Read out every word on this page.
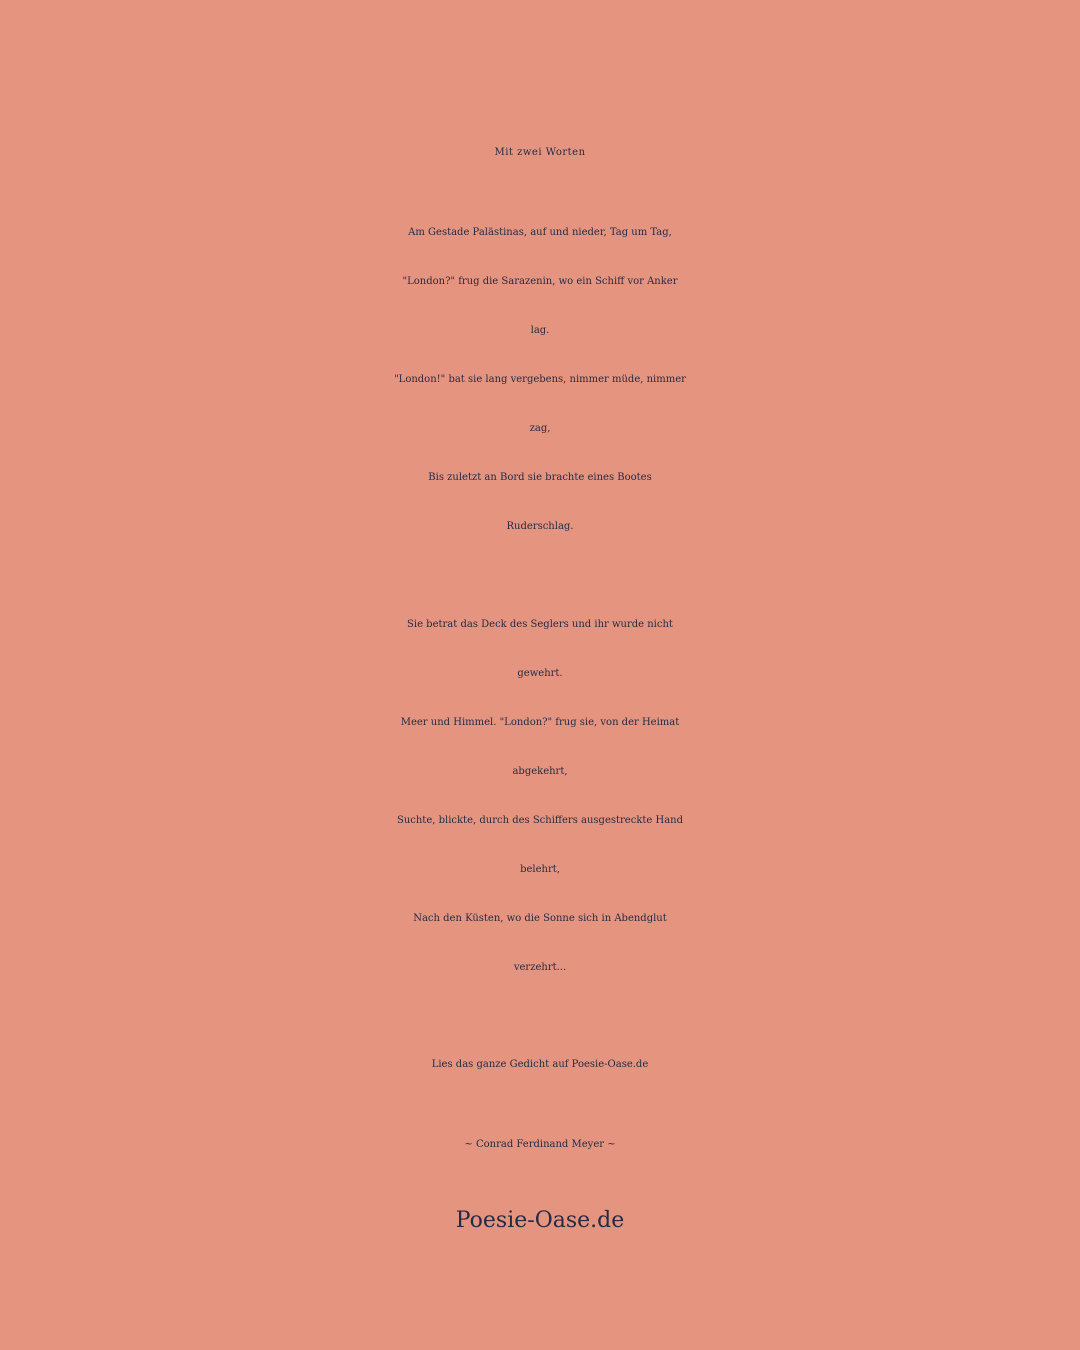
Mit zwei Worten
Am Gestade Palästinas, auf und nieder, Tag um Tag,
"London?" frug die Sarazenin, wo ein Schiff vor Anker
lag.
"London!" bat sie lang vergebens, nimmer müde, nimmer
zag,
Bis zuletzt an Bord sie brachte eines Bootes
Ruderschlag.
Sie betrat das Deck des Seglers und ihr wurde nicht
gewehrt.
Meer und Himmel. "London?" frug sie, von der Heimat
abgekehrt,
Suchte, blickte, durch des Schiffers ausgestreckte Hand
belehrt,
Nach den Küsten, wo die Sonne sich in Abendglut
verzehrt...
Lies das ganze Gedicht auf Poesie-Oase.de
~ Conrad Ferdinand Meyer ~
Poesie-Oase.de
